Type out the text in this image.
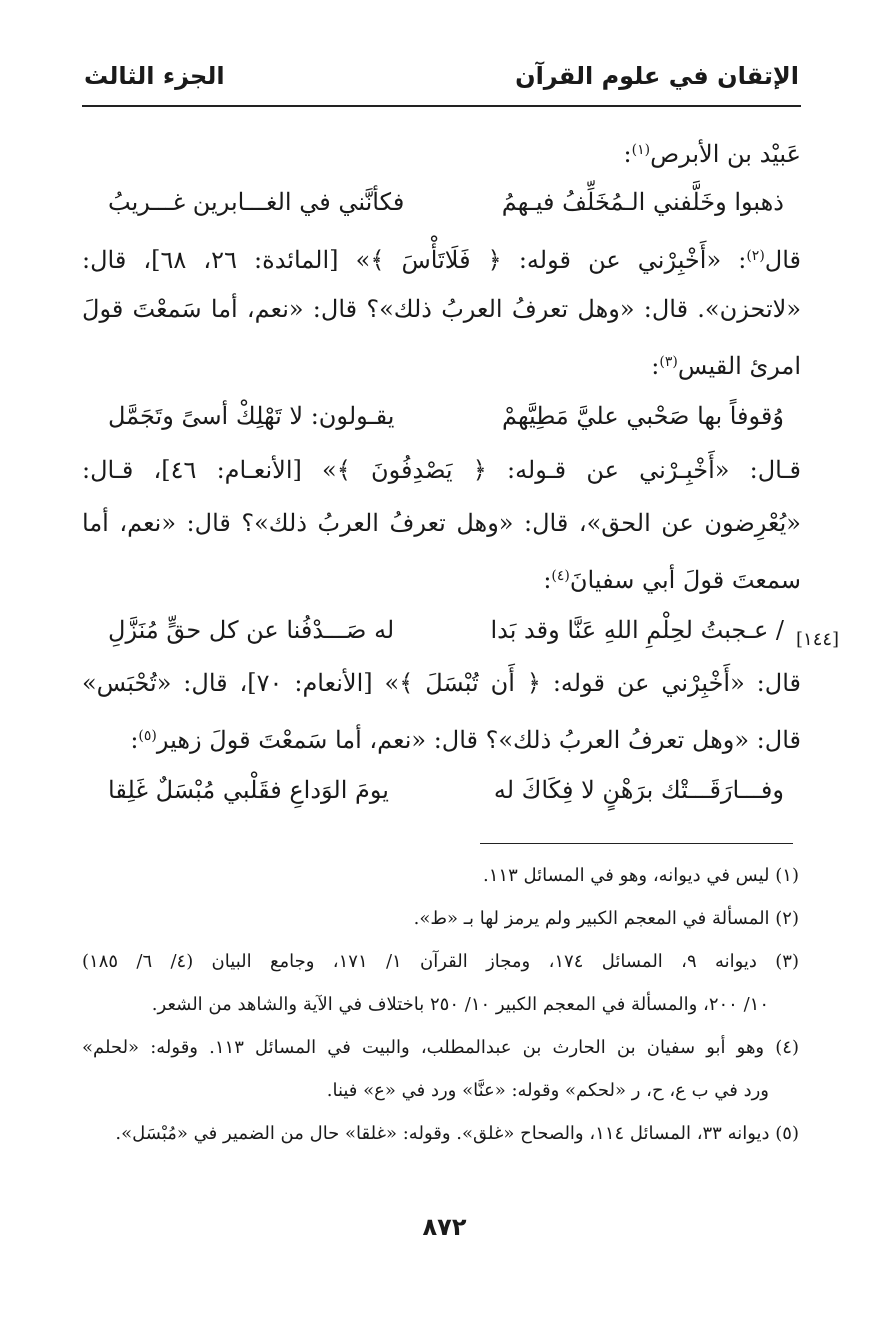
الإتقان في علوم القرآن
الجزء الثالث
عَبيْد بن الأبرص$^{(١)}$:
ذهبوا وخَلَّفني الـمُخَلِّفُ فيـهمُ
فكأنَّني في الغـــابرين غـــريبُ
قال$^{(٢)}$: «أَخْبِرْني عن قوله: ﴿ فَلَاتَأْسَ ﴾» [المائدة: ٢٦، ٦٨]، قال:
«لاتحزن». قال: «وهل تعرفُ العربُ ذلك»؟ قال: «نعم، أما سَمعْتَ قولَ
امرئ القيس$^{(٣)}$:
وُقوفاً بها صَحْبي عليَّ مَطِيَّهمْ
يقـولون: لا تَهْلِكْ أسىً وتَجَمَّل
قـال: «أَخْبِـرْني عن قـوله: ﴿ يَصْدِفُونَ ﴾» [الأنعـام: ٤٦]، قـال:
«يُعْرِضون عن الحق»، قال: «وهل تعرفُ العربُ ذلك»؟ قال: «نعم، أما
سمعتَ قولَ أبي سفيانَ$^{(٤)}$:
[١٤٤]
/ عـجبتُ لحِلْمِ اللهِ عَنَّا وقد بَدا
له صَـــدْفُنا عن كل حقٍّ مُنَزَّلِ
قال: «أَخْبِرْني عن قوله: ﴿ أَن تُبْسَلَ ﴾» [الأنعام: ٧٠]، قال: «تُحْبَس»
قال: «وهل تعرفُ العربُ ذلك»؟ قال: «نعم، أما سَمعْتَ قولَ زهير$^{(٥)}$:
وفـــارَقَـــتْك برَهْنٍ لا فِكَاكَ له
يومَ الوَداعِ فقَلْبي مُبْسَلٌ غَلِقا
(١) ليس في ديوانه، وهو في المسائل ١١٣.
(٢) المسألة في المعجم الكبير ولم يرمز لها بـ «ط».
(٣) ديوانه ٩، المسائل ١٧٤، ومجاز القرآن ١/ ١٧١، وجامع البيان (٤/ ٦/ ١٨٥)
١٠/ ٢٠٠، والمسألة في المعجم الكبير ١٠/ ٢٥٠ باختلاف في الآية والشاهد من الشعر.
(٤) وهو أبو سفيان بن الحارث بن عبدالمطلب، والبيت في المسائل ١١٣. وقوله: «لحلم»
ورد في ب ع، ح، ر «لحكم» وقوله: «عنَّا» ورد في «ع» فينا.
(٥) ديوانه ٣٣، المسائل ١١٤، والصحاح «غلق». وقوله: «غلقا» حال من الضمير في «مُبْسَل».
٨٧٢
